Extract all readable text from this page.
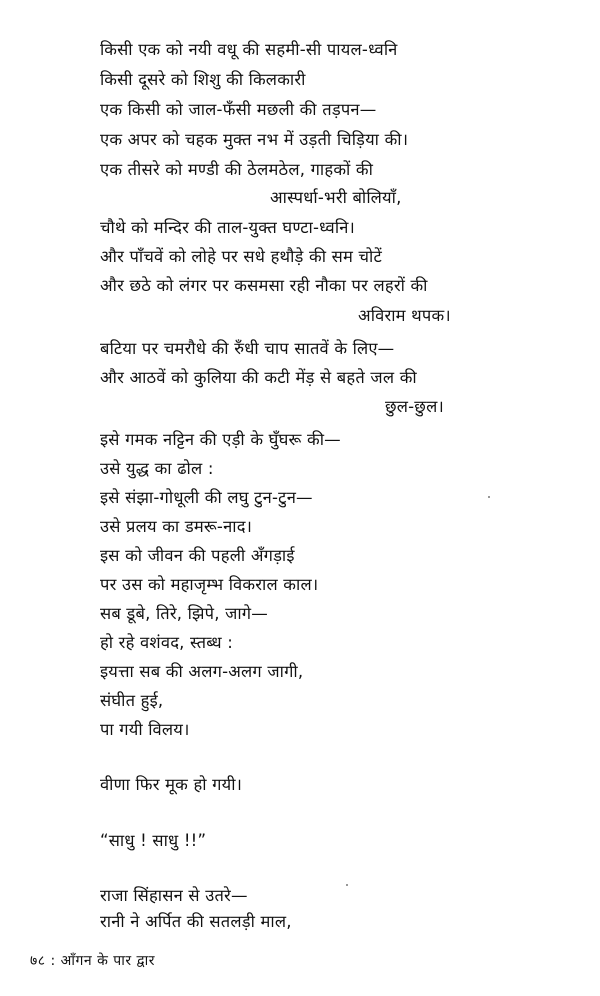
किसी एक को नयी वधू की सहमी-सी पायल-ध्वनि
किसी दूसरे को शिशु की किलकारी
एक किसी को जाल-फँसी मछली की तड़पन—
एक अपर को चहक मुक्त नभ में उड़ती चिड़िया की।
एक तीसरे को मण्डी की ठेलमठेल, गाहकों की
आस्पर्धा-भरी बोलियाँ,
चौथे को मन्दिर की ताल-युक्त घण्टा-ध्वनि।
और पाँचवें को लोहे पर सधे हथौड़े की सम चोटें
और छठे को लंगर पर कसमसा रही नौका पर लहरों की
अविराम थपक।
बटिया पर चमरौधे की रुँधी चाप सातवें के लिए—
और आठवें को कुलिया की कटी मेंड़ से बहते जल की
छुल-छुल।
इसे गमक नट्टिन की एड़ी के घुँघरू की—
उसे युद्ध का ढोल :
इसे संझा-गोधूली की लघु टुन-टुन—
उसे प्रलय का डमरू-नाद।
इस को जीवन की पहली अँगड़ाई
पर उस को महाजृम्भ विकराल काल।
सब डूबे, तिरे, झिपे, जागे—
हो रहे वशंवद, स्तब्ध :
इयत्ता सब की अलग-अलग जागी,
संघीत हुई,
पा गयी विलय।
वीणा फिर मूक हो गयी।
“साधु ! साधु !!”
राजा सिंहासन से उतरे—
रानी ने अर्पित की सतलड़ी माल,
७८ : आँगन के पार द्वार
